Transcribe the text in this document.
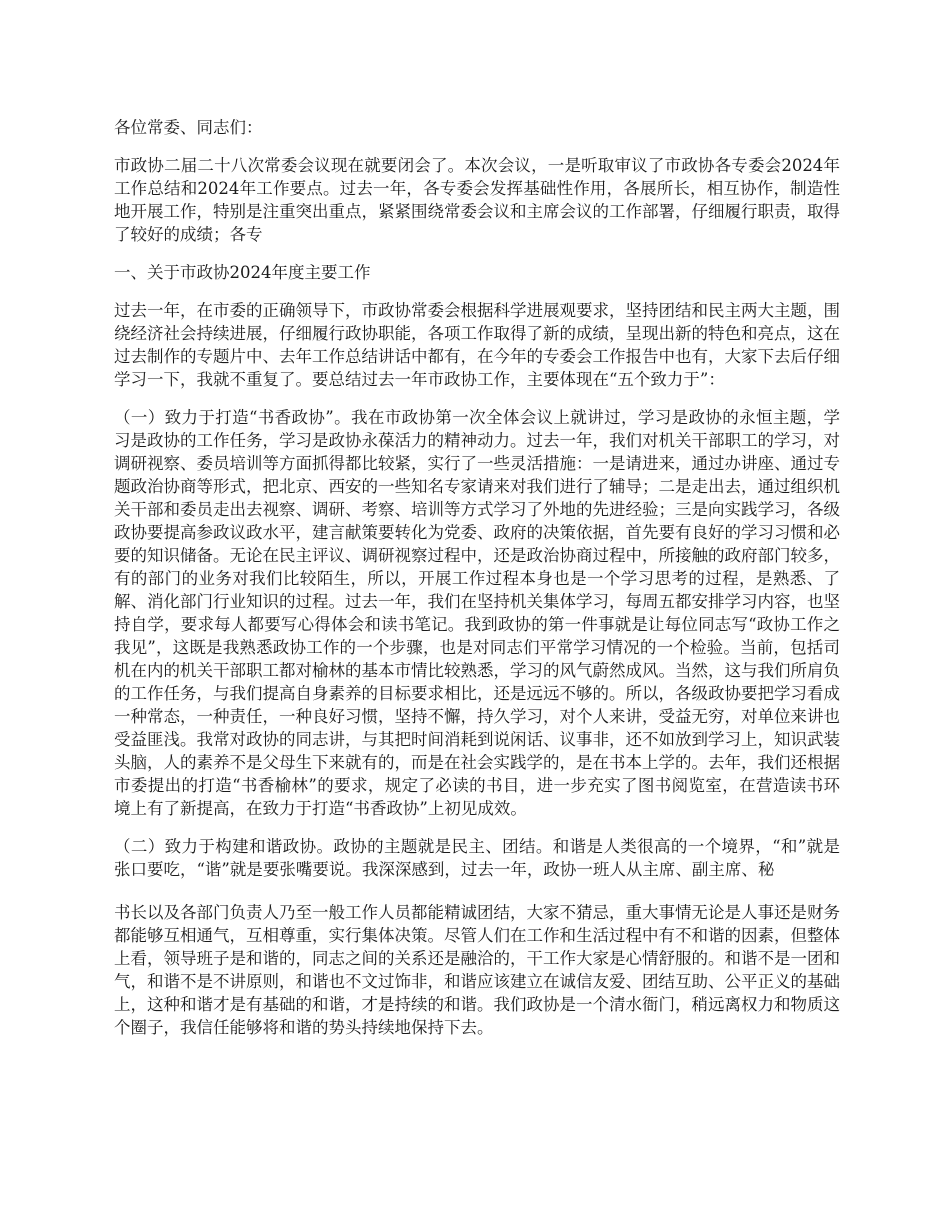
各位常委、同志们：

市政协二届二十八次常委会议现在就要闭会了。本次会议，一是听取审议了市政协各专委会2024年工作总结和2024年工作要点。过去一年，各专委会发挥基础性作用，各展所长，相互协作，制造性地开展工作，特别是注重突出重点，紧紧围绕常委会议和主席会议的工作部署，仔细履行职责，取得了较好的成绩；各专

一、关于市政协2024年度主要工作

过去一年，在市委的正确领导下，市政协常委会根据科学进展观要求，坚持团结和民主两大主题，围绕经济社会持续进展，仔细履行政协职能，各项工作取得了新的成绩，呈现出新的特色和亮点，这在过去制作的专题片中、去年工作总结讲话中都有，在今年的专委会工作报告中也有，大家下去后仔细学习一下，我就不重复了。要总结过去一年市政协工作，主要体现在“五个致力于”：

（一）致力于打造“书香政协”。我在市政协第一次全体会议上就讲过，学习是政协的永恒主题，学习是政协的工作任务，学习是政协永葆活力的精神动力。过去一年，我们对机关干部职工的学习，对调研视察、委员培训等方面抓得都比较紧，实行了一些灵活措施：一是请进来，通过办讲座、通过专题政治协商等形式，把北京、西安的一些知名专家请来对我们进行了辅导；二是走出去，通过组织机关干部和委员走出去视察、调研、考察、培训等方式学习了外地的先进经验；三是向实践学习，各级政协要提高参政议政水平，建言献策要转化为党委、政府的决策依据，首先要有良好的学习习惯和必要的知识储备。无论在民主评议、调研视察过程中，还是政治协商过程中，所接触的政府部门较多，有的部门的业务对我们比较陌生，所以，开展工作过程本身也是一个学习思考的过程，是熟悉、了解、消化部门行业知识的过程。过去一年，我们在坚持机关集体学习，每周五都安排学习内容，也坚持自学，要求每人都要写心得体会和读书笔记。我到政协的第一件事就是让每位同志写“政协工作之我见”，这既是我熟悉政协工作的一个步骤，也是对同志们平常学习情况的一个检验。当前，包括司机在内的机关干部职工都对榆林的基本市情比较熟悉，学习的风气蔚然成风。当然，这与我们所肩负的工作任务，与我们提高自身素养的目标要求相比，还是远远不够的。所以，各级政协要把学习看成一种常态，一种责任，一种良好习惯，坚持不懈，持久学习，对个人来讲，受益无穷，对单位来讲也受益匪浅。我常对政协的同志讲，与其把时间消耗到说闲话、议事非，还不如放到学习上，知识武装头脑，人的素养不是父母生下来就有的，而是在社会实践学的，是在书本上学的。去年，我们还根据市委提出的打造“书香榆林”的要求，规定了必读的书目，进一步充实了图书阅览室，在营造读书环境上有了新提高，在致力于打造“书香政协”上初见成效。

（二）致力于构建和谐政协。政协的主题就是民主、团结。和谐是人类很高的一个境界，“和”就是张口要吃，“谐”就是要张嘴要说。我深深感到，过去一年，政协一班人从主席、副主席、秘

书长以及各部门负责人乃至一般工作人员都能精诚团结，大家不猜忌，重大事情无论是人事还是财务都能够互相通气，互相尊重，实行集体决策。尽管人们在工作和生活过程中有不和谐的因素，但整体上看，领导班子是和谐的，同志之间的关系还是融洽的，干工作大家是心情舒服的。和谐不是一团和气，和谐不是不讲原则，和谐也不文过饰非，和谐应该建立在诚信友爱、团结互助、公平正义的基础上，这种和谐才是有基础的和谐，才是持续的和谐。我们政协是一个清水衙门，稍远离权力和物质这个圈子，我信任能够将和谐的势头持续地保持下去。
